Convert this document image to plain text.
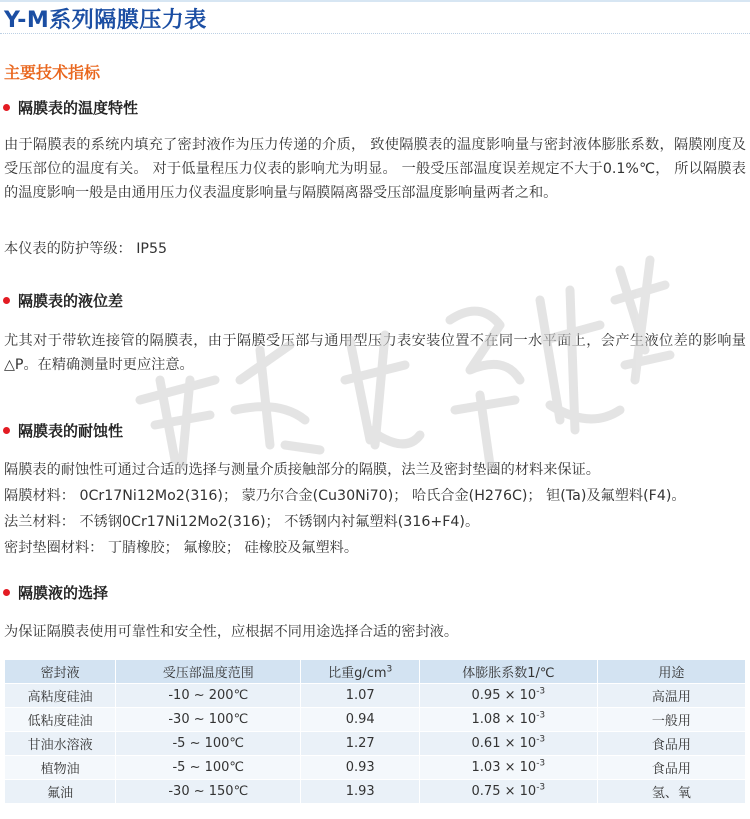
Y-M系列隔膜压力表
主要技术指标
隔膜表的温度特性
由于隔膜表的系统内填充了密封液作为压力传递的介质， 致使隔膜表的温度影响量与密封液体膨胀系数，隔膜刚度及受压部位的温度有关。 对于低量程压力仪表的影响尤为明显。 一般受压部温度误差规定不大于0.1%℃， 所以隔膜表的温度影响一般是由通用压力仪表温度影响量与隔膜隔离器受压部温度影响量两者之和。
本仪表的防护等级： IP55
隔膜表的液位差
尤其对于带软连接管的隔膜表，由于隔膜受压部与通用型压力表安装位置不在同一水平面上，会产生液位差的影响量△P。在精确测量时更应注意。
隔膜表的耐蚀性
隔膜表的耐蚀性可通过合适的选择与测量介质接触部分的隔膜，法兰及密封垫圈的材料来保证。
隔膜材料： 0Cr17Ni12Mo2(316)； 蒙乃尔合金(Cu30Ni70)； 哈氏合金(H276C)； 钽(Ta)及氟塑料(F4)。
法兰材料： 不锈钢0Cr17Ni12Mo2(316)； 不锈钢内衬氟塑料(316+F4)。
密封垫圈材料： 丁腈橡胶； 氟橡胶； 硅橡胶及氟塑料。
隔膜液的选择
为保证隔膜表使用可靠性和安全性，应根据不同用途选择合适的密封液。
密封液	受压部温度范围	比重$g/cm^3$	体膨胀系数1/℃	用途
高粘度硅油	-10 ~ 200℃	1.07	$0.95 \times 10^{-3}$	高温用
低粘度硅油	-30 ~ 100℃	0.94	$1.08 \times 10^{-3}$	一般用
甘油水溶液	-5 ~ 100℃	1.27	$0.61 \times 10^{-3}$	食品用
植物油	-5 ~ 100℃	0.93	$1.03 \times 10^{-3}$	食品用
氟油	-30 ~ 150℃	1.93	$0.75 \times 10^{-3}$	氢、氧
